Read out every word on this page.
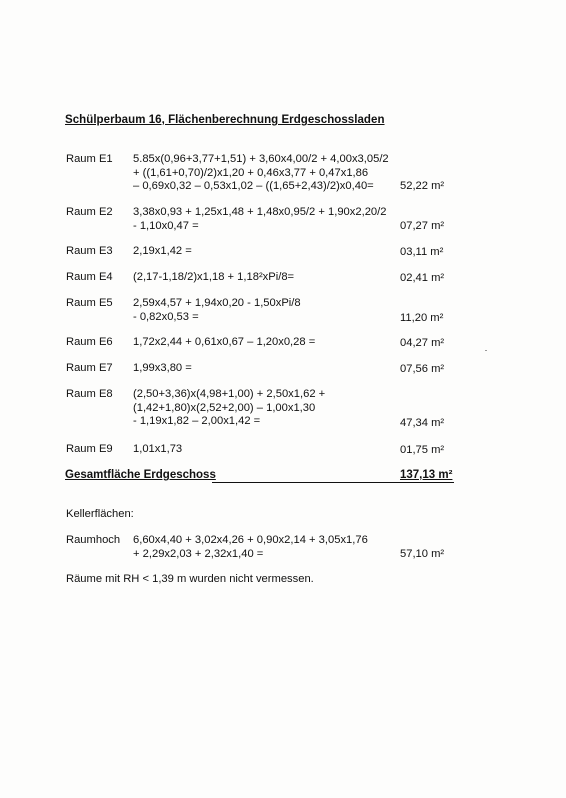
Schülperbaum 16, Flächenberechnung Erdgeschossladen
Raum E1 5.85x(0,96+3,77+1,51) + 3,60x4,00/2 + 4,00x3,05/2
+ ((1,61+0,70)/2)x1,20 + 0,46x3,77 + 0,47x1,86
– 0,69x0,32 – 0,53x1,02 – ((1,65+2,43)/2)x0,40=	52,22 m²
Raum E2 3,38x0,93 + 1,25x1,48 + 1,48x0,95/2 + 1,90x2,20/2
- 1,10x0,47 =	07,27 m²
Raum E3 2,19x1,42 =	03,11 m²
Raum E4 (2,17-1,18/2)x1,18 + 1,18²xPi/8=	02,41 m²
Raum E5 2,59x4,57 + 1,94x0,20 - 1,50xPi/8
- 0,82x0,53 =	11,20 m²
Raum E6 1,72x2,44 + 0,61x0,67 – 1,20x0,28 =	04,27 m²
Raum E7 1,99x3,80 =	07,56 m²
Raum E8 (2,50+3,36)x(4,98+1,00) + 2,50x1,62 +
(1,42+1,80)x(2,52+2,00) – 1,00x1,30
- 1,19x1,82 – 2,00x1,42 =	47,34 m²
Raum E9 1,01x1,73	01,75 m²
Gesamtfläche Erdgeschoss	137,13 m²
Kellerflächen:
Raumhoch 6,60x4,40 + 3,02x4,26 + 0,90x2,14 + 3,05x1,76
+ 2,29x2,03 + 2,32x1,40 =	57,10 m²
Räume mit RH < 1,39 m wurden nicht vermessen.
